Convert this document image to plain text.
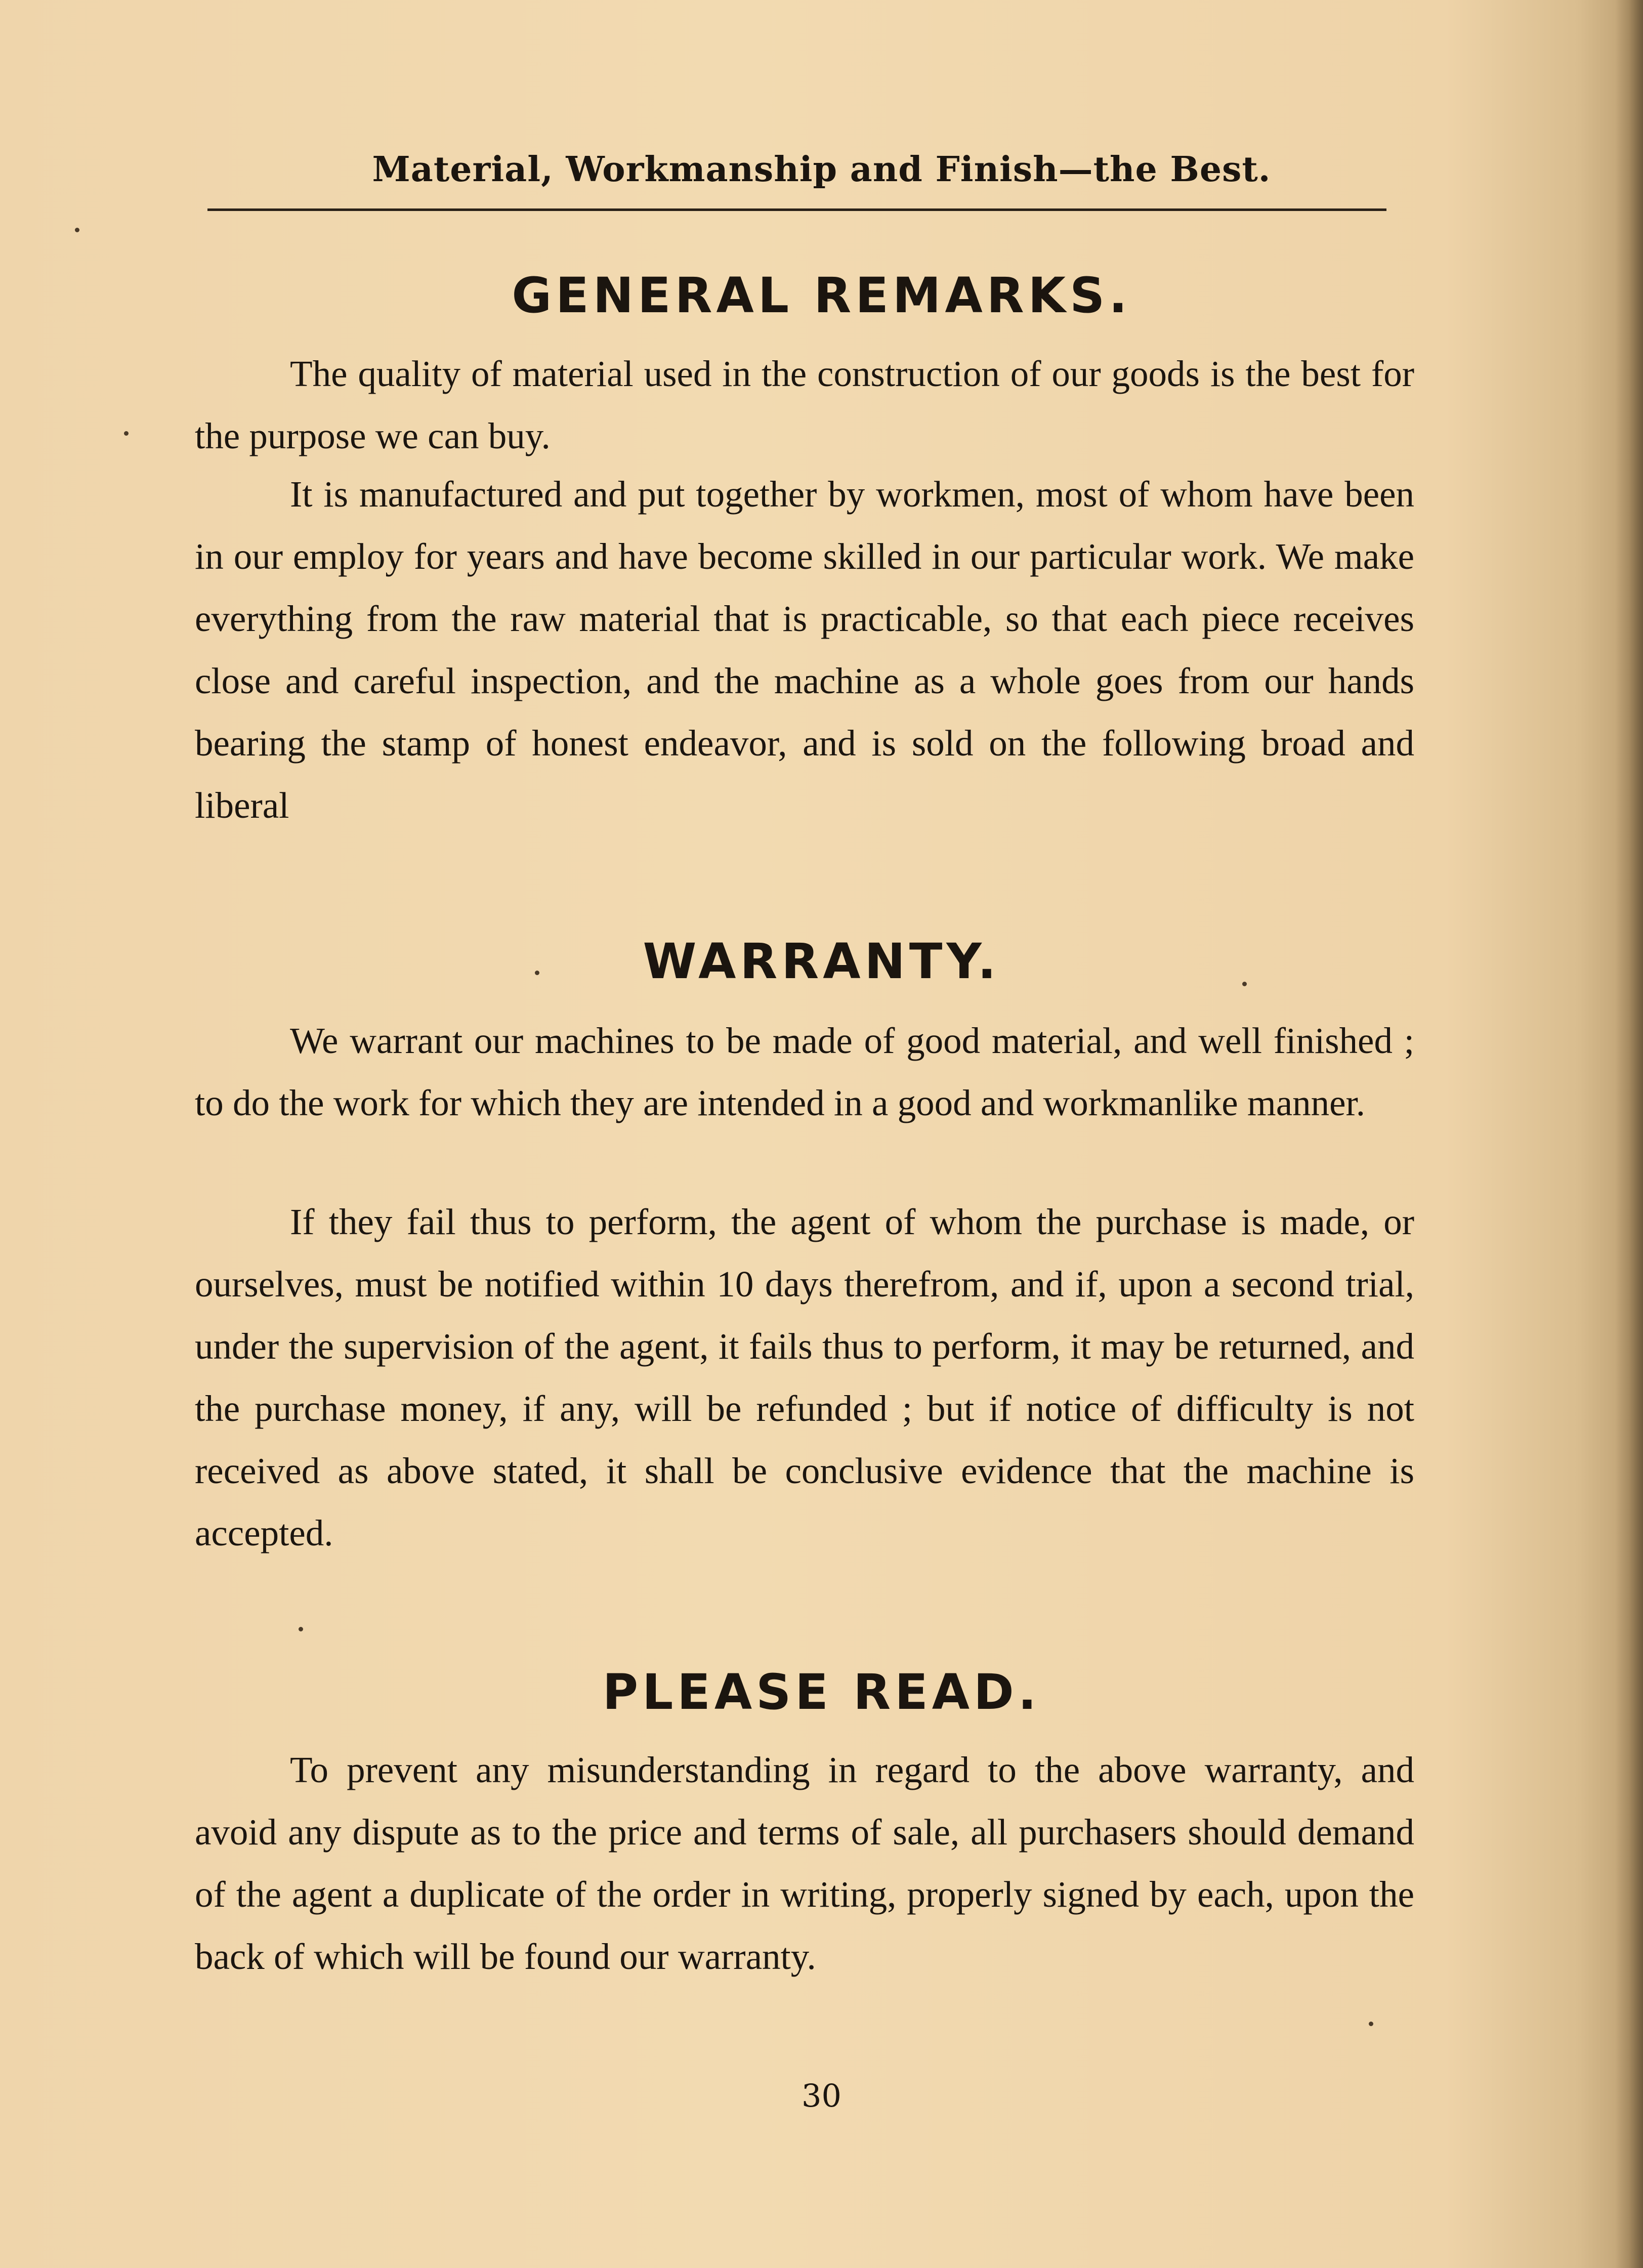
Material, Workmanship and Finish—the Best.
GENERAL REMARKS.

The quality of material used in the construction of our goods is the best for the purpose we can buy.

It is manufactured and put together by workmen, most of whom have been in our employ for years and have become skilled in our particular work. We make everything from the raw material that is practicable, so that each piece receives close and careful inspection, and the machine as a whole goes from our hands bearing the stamp of honest endeavor, and is sold on the following broad and liberal

WARRANTY.

We warrant our machines to be made of good material, and well finished ; to do the work for which they are intended in a good and workmanlike manner.

If they fail thus to perform, the agent of whom the purchase is made, or ourselves, must be notified within 10 days therefrom, and if, upon a second trial, under the supervision of the agent, it fails thus to perform, it may be returned, and the purchase money, if any, will be refunded ; but if notice of difficulty is not received as above stated, it shall be conclusive evidence that the machine is accepted.

PLEASE READ.

To prevent any misunderstanding in regard to the above warranty, and avoid any dispute as to the price and terms of sale, all purchasers should demand of the agent a duplicate of the order in writing, properly signed by each, upon the back of which will be found our warranty.

30
